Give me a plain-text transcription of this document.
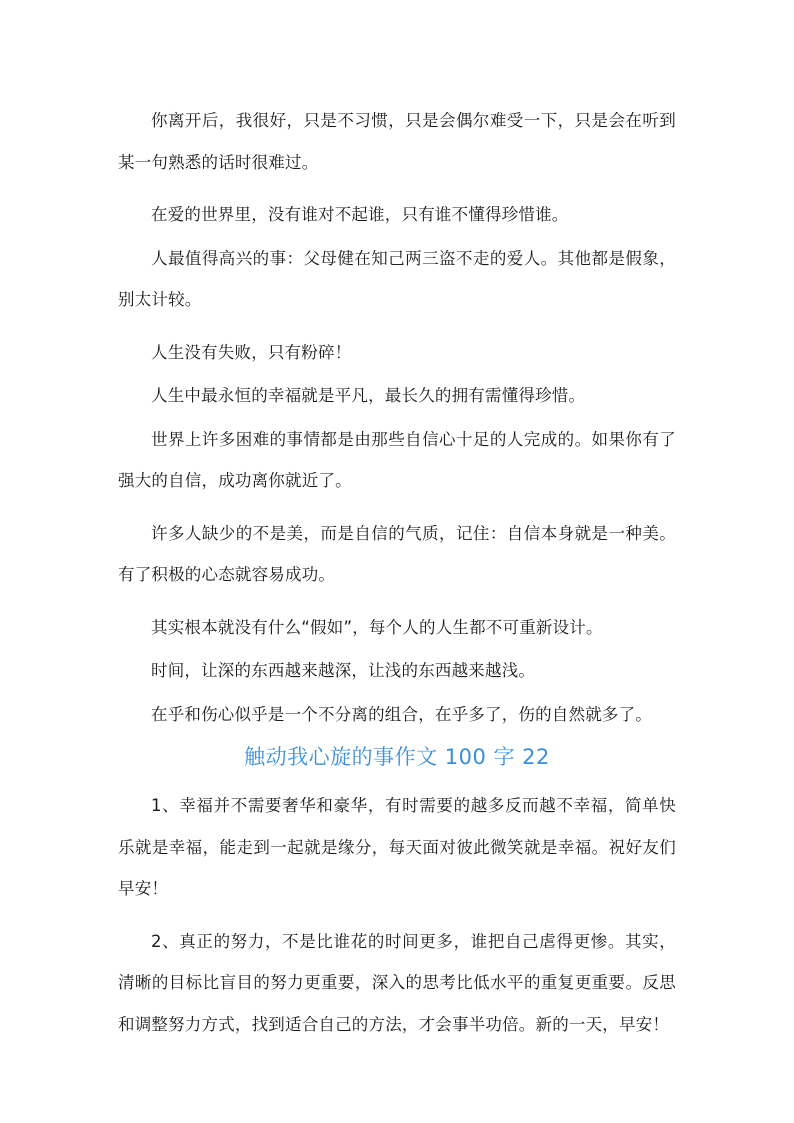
你离开后，我很好，只是不习惯，只是会偶尔难受一下，只是会在听到某一句熟悉的话时很难过。

在爱的世界里，没有谁对不起谁，只有谁不懂得珍惜谁。

人最值得高兴的事：父母健在知己两三盗不走的爱人。其他都是假象，别太计较。

人生没有失败，只有粉碎！

人生中最永恒的幸福就是平凡，最长久的拥有需懂得珍惜。

世界上许多困难的事情都是由那些自信心十足的人完成的。如果你有了强大的自信，成功离你就近了。

许多人缺少的不是美，而是自信的气质，记住：自信本身就是一种美。有了积极的心态就容易成功。

其实根本就没有什么“假如”，每个人的人生都不可重新设计。

时间，让深的东西越来越深，让浅的东西越来越浅。

在乎和伤心似乎是一个不分离的组合，在乎多了，伤的自然就多了。

触动我心旋的事作文 100 字 22

1、幸福并不需要奢华和豪华，有时需要的越多反而越不幸福，简单快乐就是幸福，能走到一起就是缘分，每天面对彼此微笑就是幸福。祝好友们早安！

2、真正的努力，不是比谁花的时间更多，谁把自己虐得更惨。其实，清晰的目标比盲目的努力更重要，深入的思考比低水平的重复更重要。反思和调整努力方式，找到适合自己的方法，才会事半功倍。新的一天，早安！
